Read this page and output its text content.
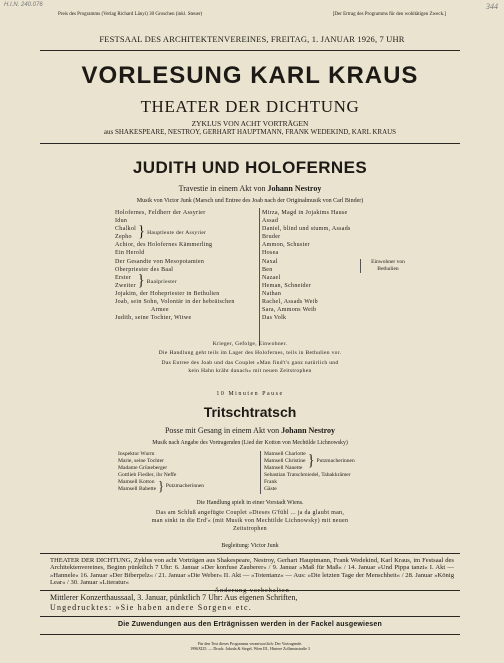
H.I.N. 240.076	344
Preis des Programms (Verlag Richard Länyi) 30 Groschen (inkl. Steuer)	[Der Ertrag des Programms für den wohltätigen Zweck.]
FESTSAAL DES ARCHITEKTENVEREINES, FREITAG, 1. JANUAR 1926, 7 UHR
VORLESUNG KARL KRAUS
THEATER DER DICHTUNG
ZYKLUS VON ACHT VORTRÄGEN
aus SHAKESPEARE, NESTROY, GERHART HAUPTMANN, FRANK WEDEKIND, KARL KRAUS
JUDITH UND HOLOFERNES
Travestie in einem Akt von Johann Nestroy
Musik von Victor Junk (Marsch und Entree des Joab nach der Originalmusik von Carl Binder)
Holofernes, Feldherr der Assyrier
Idun
Chalkol
Zepho } Hauptleute der Assyrier
Achior, des Holofernes Kämmerling
Ein Herold
Der Gesandte von Mesopotamien
Oberpriester des Baal
Erster
Zweiter } Baalpriester
Jojakim, der Hohepriester in Bethulien
Joab, sein Sohn, Volontär in der hebräischen
Armee
Judith, seine Tochter, Witwe
Mirza, Magd in Jojakims Hause
Assad
Daniel, blind und stumm, Assads Bruder
Ammon, Schuster
Hosea
Naxal
Ben
Nazael
Heman, Schneider
Nathan
Rachel, Assads Weib
Sara, Ammons Weib
Das Volk
Einwohner von Bethulien
Krieger, Gefolge, Einwohner.
Die Handlung geht teils im Lager des Holofernes, teils in Bethulien vor.
Das Entree des Joab und das Couplet »Man find't's ganz natürlich und
kein Hahn kräht danach« mit neuen Zeitstrophen
10 Minuten Pause
Tritschtratsch
Posse mit Gesang in einem Akt von Johann Nestroy
Musik nach Angabe des Vortragenden (Lied der Kotton von Mechtilde Lichnowsky)
Inspektor Wurm
Marie, seine Tochter
Madame Grüneberger
Gottlieb Fiedler, ihr Neffe
Mamsell Kotton
Mamsell Babette } Putzmacherinnen
Mamsell Charlotte
Mamsell Christine
Mamsell Nanette } Putzmacherinnen
Sebastian Tratschmiedel, Tabakkrämer
Frank
Gäste
Die Handlung spielt in einer Vorstadt Wiens.
Das am Schluß angefügte Couplet »Dieses G'fühl ... ja da glaubt man,
man sinkt in die Erd'« (mit Musik von Mechtilde Lichnowsky) mit neuen
Zeitstrophen
Begleitung: Victor Junk
THEATER DER DICHTUNG, Zyklus von acht Vorträgen aus Shakespeare, Nestroy, Gerhart Hauptmann, Frank Wedekind, Karl Kraus, im Festsaal des Architektenvereines, Beginn pünktlich 7 Uhr: 6. Januar »Der konfuse Zauberer« / 9. Januar »Maß für Maß« / 14. Januar »Und Pippa tanzt« I. Akt — »Hannele« 16. Januar »Der Biberpelz« / 21. Januar »Die Weber« II. Akt — »Totentanz« — Aus: »Die letzten Tage der Menschheit« / 28. Januar »König Lear« / 30. Januar »Literatur«
Änderung vorbehalten
Mittlerer Konzerthaussaal, 3. Januar, pünktlich 7 Uhr: Aus eigenen Schriften,
Ungedrucktes: »Sie haben andere Sorgen« etc.
Die Zuwendungen aus den Erträgnissen werden in der Fackel ausgewiesen
Für den Text dieses Programms verantwortlich: Der Vortragende.
1996XI25. — Druck: Jahoda & Siegel, Wien III., Hintere Zollamtsstraße 3
